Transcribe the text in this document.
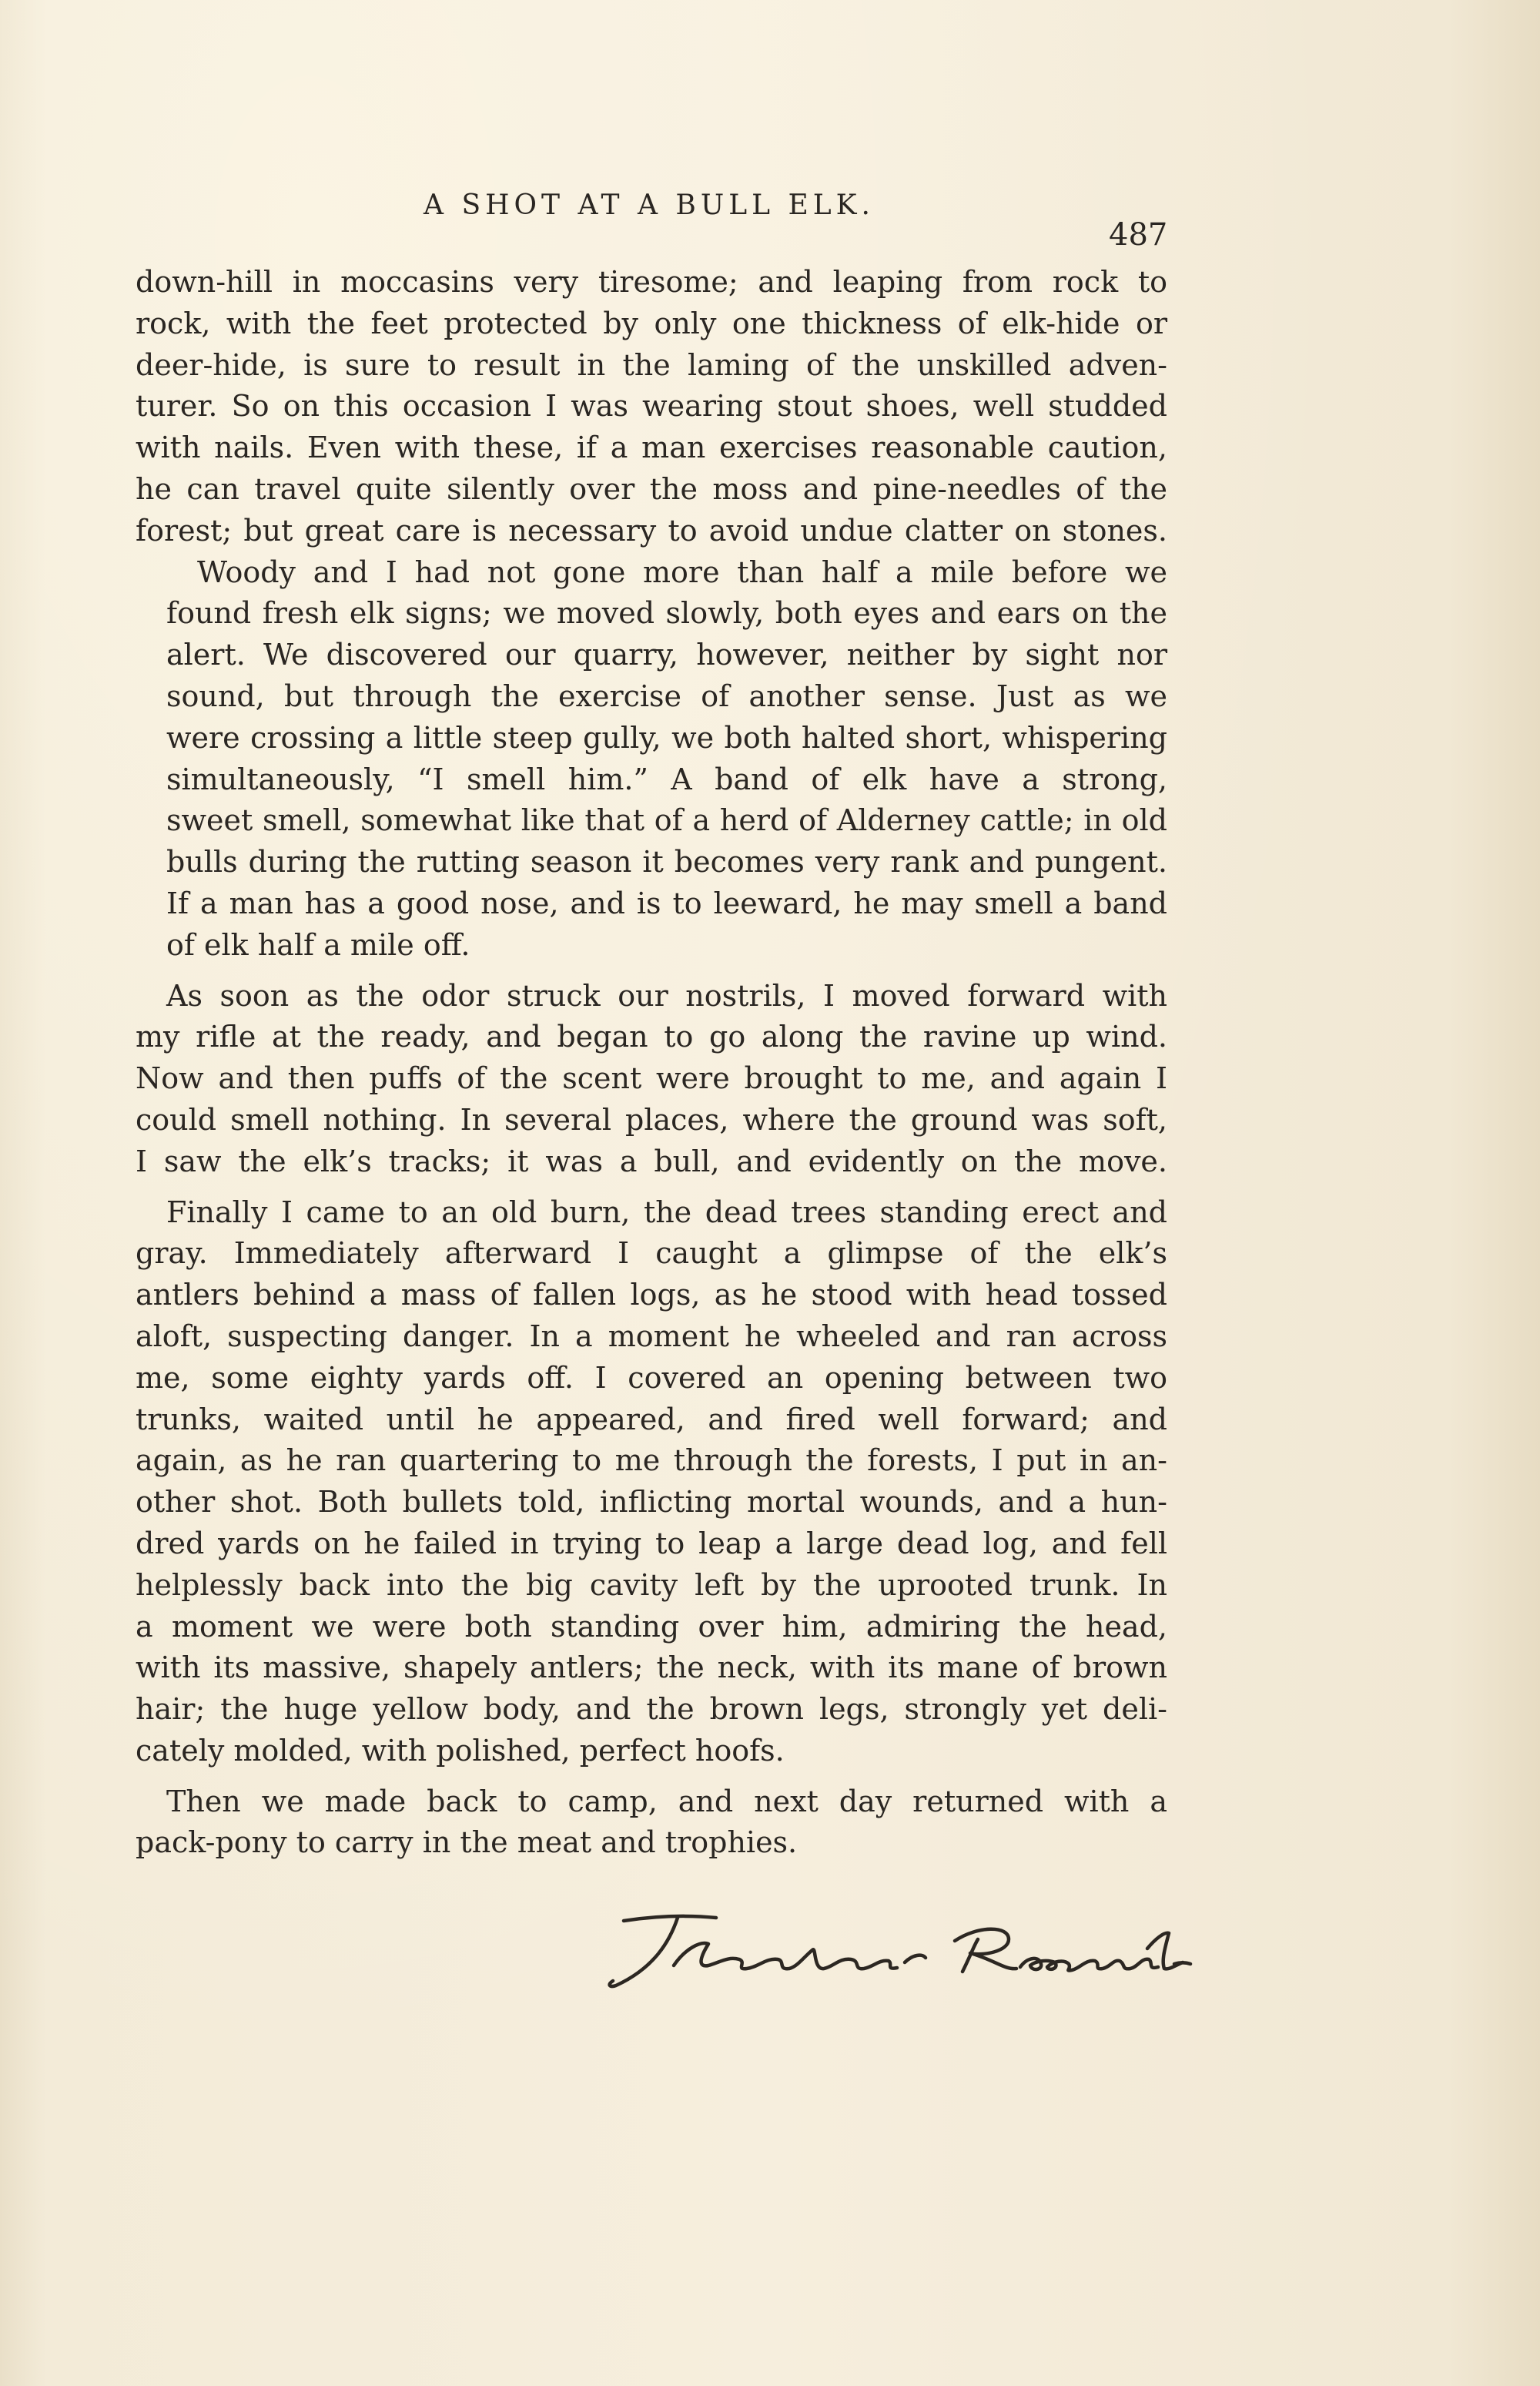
A SHOT AT A BULL ELK.
487

down-hill in moccasins very tiresome; and leaping from rock to
rock, with the feet protected by only one thickness of elk-hide or
deer-hide, is sure to result in the laming of the unskilled adven-
turer. So on this occasion I was wearing stout shoes, well studded
with nails. Even with these, if a man exercises reasonable caution,
he can travel quite silently over the moss and pine-needles of the
forest; but great care is necessary to avoid undue clatter on stones.

Woody and I had not gone more than half a mile before we
found fresh elk signs; we moved slowly, both eyes and ears on the
alert. We discovered our quarry, however, neither by sight nor
sound, but through the exercise of another sense. Just as we
were crossing a little steep gully, we both halted short, whispering
simultaneously, “I smell him.” A band of elk have a strong,
sweet smell, somewhat like that of a herd of Alderney cattle; in old
bulls during the rutting season it becomes very rank and pungent.
If a man has a good nose, and is to leeward, he may smell a band
of elk half a mile off.

As soon as the odor struck our nostrils, I moved forward with
my rifle at the ready, and began to go along the ravine up wind.
Now and then puffs of the scent were brought to me, and again I
could smell nothing. In several places, where the ground was soft,
I saw the elk’s tracks; it was a bull, and evidently on the move.

Finally I came to an old burn, the dead trees standing erect and
gray. Immediately afterward I caught a glimpse of the elk’s
antlers behind a mass of fallen logs, as he stood with head tossed
aloft, suspecting danger. In a moment he wheeled and ran across
me, some eighty yards off. I covered an opening between two
trunks, waited until he appeared, and fired well forward; and
again, as he ran quartering to me through the forests, I put in an-
other shot. Both bullets told, inflicting mortal wounds, and a hun-
dred yards on he failed in trying to leap a large dead log, and fell
helplessly back into the big cavity left by the uprooted trunk. In
a moment we were both standing over him, admiring the head,
with its massive, shapely antlers; the neck, with its mane of brown
hair; the huge yellow body, and the brown legs, strongly yet deli-
cately molded, with polished, perfect hoofs.

Then we made back to camp, and next day returned with a
pack-pony to carry in the meat and trophies.
